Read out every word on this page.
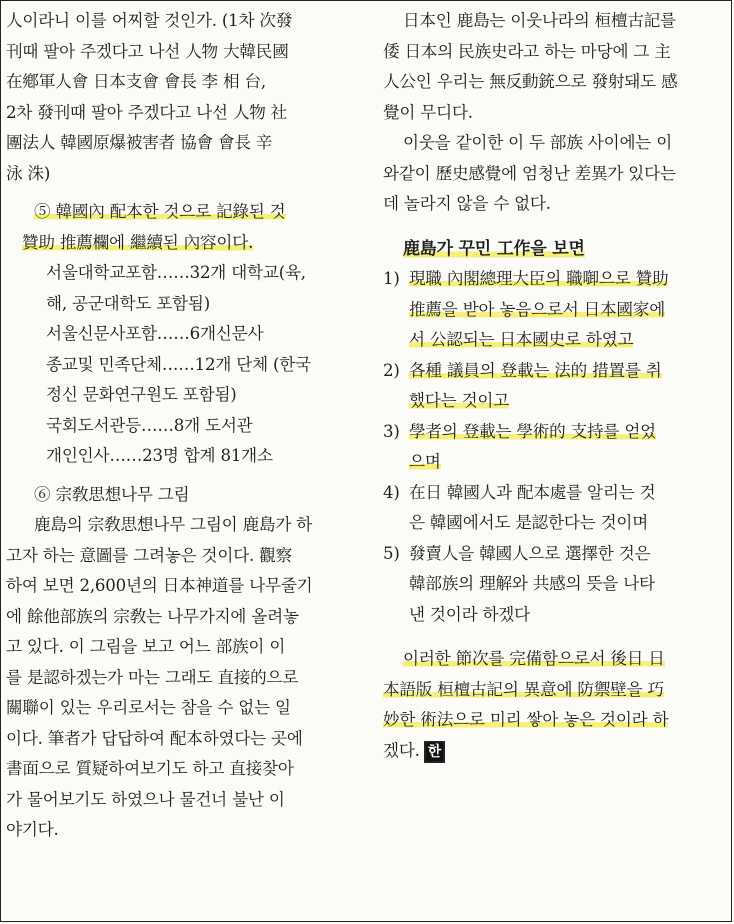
人이라니 이를 어찌할 것인가. (1차 次發
刊때 팔아 주겠다고 나선 人物 大韓民國
在鄕軍人會 日本支會 會長 李 相 台,
2차 發刊때 팔아 주겠다고 나선 人物 社
團法人 韓國原爆被害者 協會 會長 辛
泳 洙)
⑤ 韓國內 配本한 것으로 記錄된 것
贊助 推薦欄에 繼續된 內容이다.
서울대학교포함……32개 대학교(육,
해, 공군대학도 포함됨)
서울신문사포함……6개신문사
종교및 민족단체……12개 단체 (한국
정신 문화연구원도 포함됨)
국회도서관등……8개 도서관
개인인사……23명 합계 81개소
⑥ 宗敎思想나무 그림
鹿島의 宗敎思想나무 그림이 鹿島가 하
고자 하는 意圖를 그려놓은 것이다. 觀察
하여 보면 2,600년의 日本神道를 나무줄기
에 餘他部族의 宗敎는 나무가지에 올려놓
고 있다. 이 그림을 보고 어느 部族이 이
를 是認하겠는가 마는 그래도 直接的으로
關聯이 있는 우리로서는 참을 수 없는 일
이다. 筆者가 답답하여 配本하였다는 곳에
書面으로 質疑하여보기도 하고 直接찾아
가 물어보기도 하였으나 물건너 불난 이
야기다.
日本인 鹿島는 이웃나라의 桓檀古記를
倭 日本의 民族史라고 하는 마당에 그 主
人公인 우리는 無反動銃으로 發射돼도 感
覺이 무디다.
이웃을 같이한 이 두 部族 사이에는 이
와같이 歷史感覺에 엄청난 差異가 있다는
데 놀라지 않을 수 없다.
鹿島가 꾸민 工作을 보면
1) 現職 內閣總理大臣의 職啣으로 贊助
推薦을 받아 놓음으로서 日本國家에
서 公認되는 日本國史로 하였고
2) 各種 議員의 登載는 法的 措置를 취
했다는 것이고
3) 學者의 登載는 學術的 支持를 얻었
으며
4) 在日 韓國人과 配本處를 알리는 것
은 韓國에서도 是認한다는 것이며
5) 發賣人을 韓國人으로 選擇한 것은
韓部族의 理解와 共感의 뜻을 나타
낸 것이라 하겠다
이러한 節次를 完備함으로서 後日 日
本語版 桓檀古記의 異意에 防禦壁을 巧
妙한 術法으로 미리 쌓아 놓은 것이라 하
겠다. 한
